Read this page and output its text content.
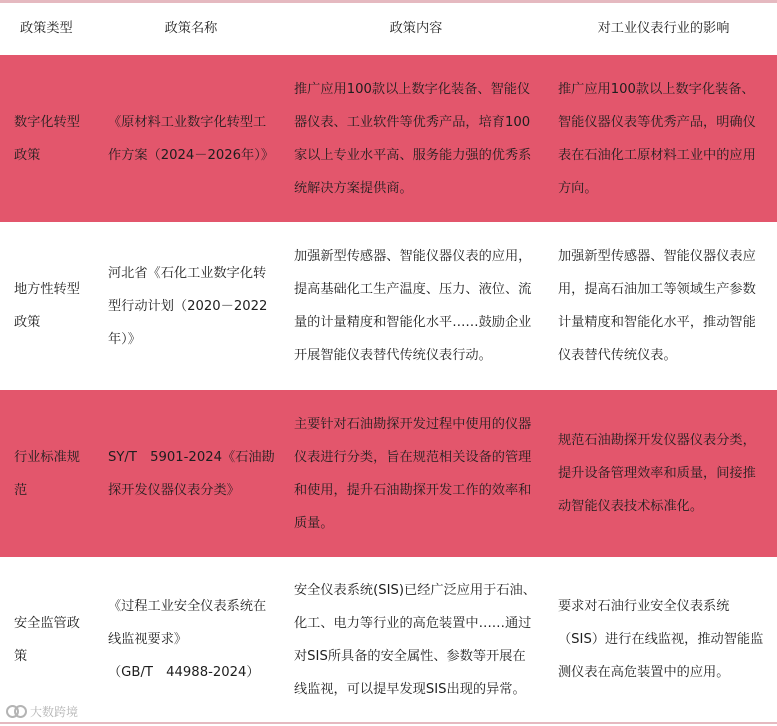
政策类型	政策名称	政策内容	对工业仪表行业的影响
数字化转型政策	《原材料工业数字化转型工作方案（2024－2026年）》	推广应用100款以上数字化装备、智能仪器仪表、工业软件等优秀产品，培育100家以上专业水平高、服务能力强的优秀系统解决方案提供商。	推广应用100款以上数字化装备、智能仪器仪表等优秀产品，明确仪表在石油化工原材料工业中的应用方向。
地方性转型政策	河北省《石化工业数字化转型行动计划（2020－2022年）》	加强新型传感器、智能仪器仪表的应用，提高基础化工生产温度、压力、液位、流量的计量精度和智能化水平……鼓励企业开展智能仪表替代传统仪表行动。	加强新型传感器、智能仪器仪表应用，提高石油加工等领域生产参数计量精度和智能化水平，推动智能仪表替代传统仪表。
行业标准规范	SY/T　5901-2024《石油勘探开发仪器仪表分类》	主要针对石油勘探开发过程中使用的仪器仪表进行分类，旨在规范相关设备的管理和使用，提升石油勘探开发工作的效率和质量。	规范石油勘探开发仪器仪表分类，提升设备管理效率和质量，间接推动智能仪表技术标准化。
安全监管政策	《过程工业安全仪表系统在线监视要求》 （GB/T　44988-2024）	安全仪表系统(SIS)已经广泛应用于石油、化工、电力等行业的高危装置中……通过对SIS所具备的安全属性、参数等开展在线监视，可以提早发现SIS出现的异常。	要求对石油行业安全仪表系统（SIS）进行在线监视，推动智能监测仪表在高危装置中的应用。
大数跨境
